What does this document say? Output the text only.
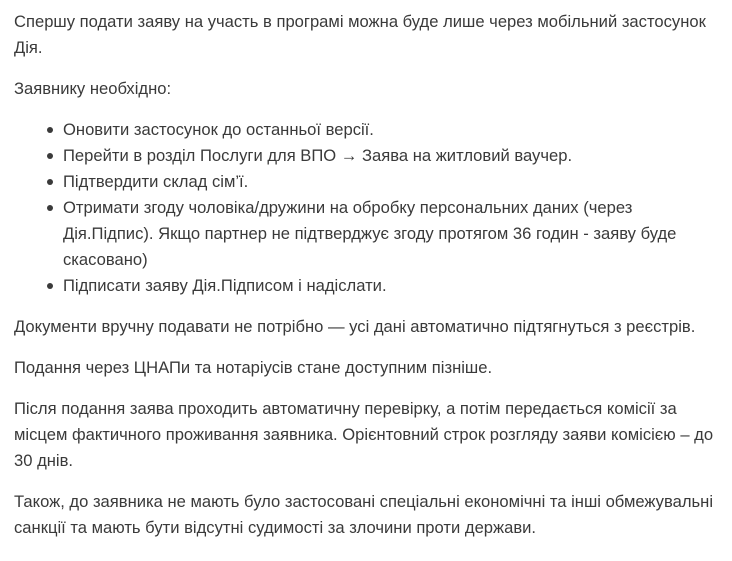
Спершу подати заяву на участь в програмі можна буде лише через мобільний застосунок Дія.

Заявнику необхідно:

Оновити застосунок до останньої версії.
Перейти в розділ Послуги для ВПО → Заява на житловий ваучер.
Підтвердити склад сім’ї.
Отримати згоду чоловіка/дружини на обробку персональних даних (через Дія.Підпис). Якщо партнер не підтверджує згоду протягом 36 годин - заяву буде скасовано)
Підписати заяву Дія.Підписом і надіслати.

Документи вручну подавати не потрібно — усі дані автоматично підтягнуться з реєстрів.

Подання через ЦНАПи та нотаріусів стане доступним пізніше.

Після подання заява проходить автоматичну перевірку, а потім передається комісії за місцем фактичного проживання заявника. Орієнтовний строк розгляду заяви комісією – до 30 днів.

Також, до заявника не мають було застосовані спеціальні економічні та інші обмежувальні санкції та мають бути відсутні судимості за злочини проти держави.
